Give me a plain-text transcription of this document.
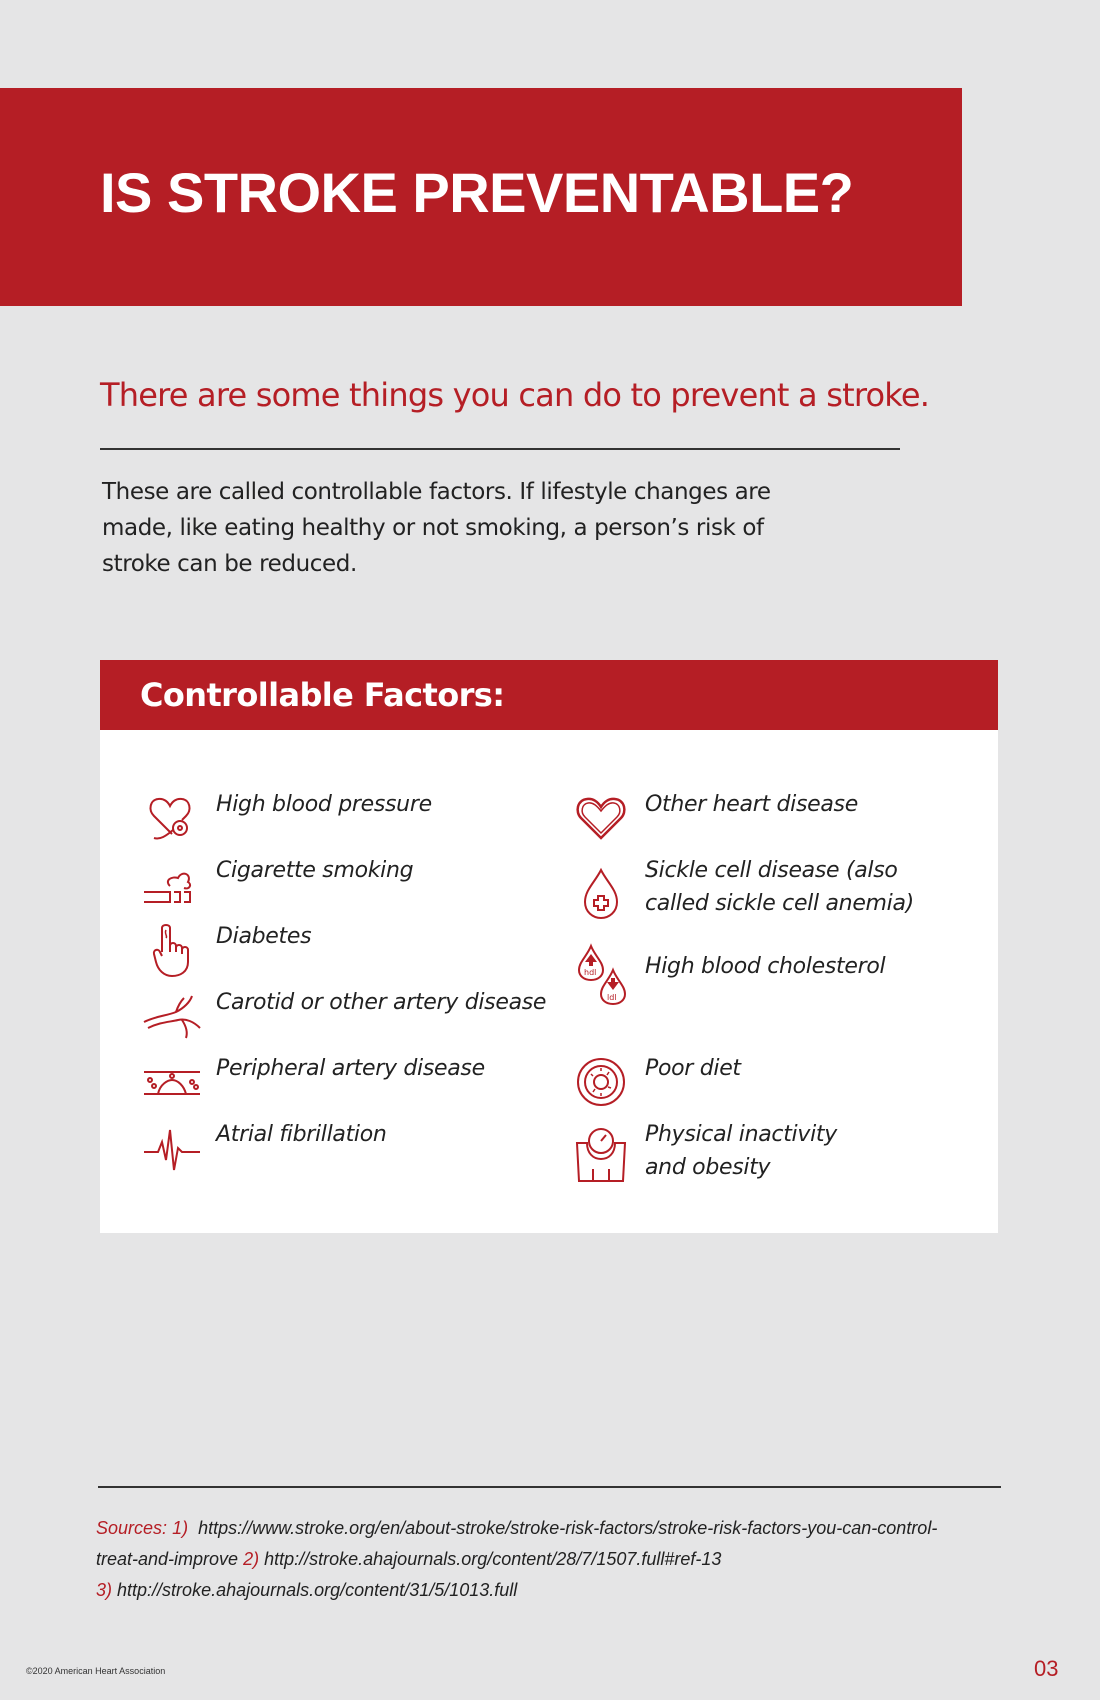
IS STROKE PREVENTABLE?
There are some things you can do to prevent a stroke.

These are called controllable factors. If lifestyle changes are made, like eating healthy or not smoking, a person’s risk of stroke can be reduced.

Controllable Factors:
High blood pressure
Cigarette smoking
Diabetes
Carotid or other artery disease
Peripheral artery disease
Atrial fibrillation
Other heart disease
Sickle cell disease (also
called sickle cell anemia)
hdl
ldl
High blood cholesterol
Poor diet
Physical inactivity
and obesity
Sources: 1) https://www.stroke.org/en/about-stroke/stroke-risk-factors/stroke-risk-factors-you-can-control-
treat-and-improve 2) http://stroke.ahajournals.org/content/28/7/1507.full#ref-13
3) http://stroke.ahajournals.org/content/31/5/1013.full
©2020 American Heart Association	03
